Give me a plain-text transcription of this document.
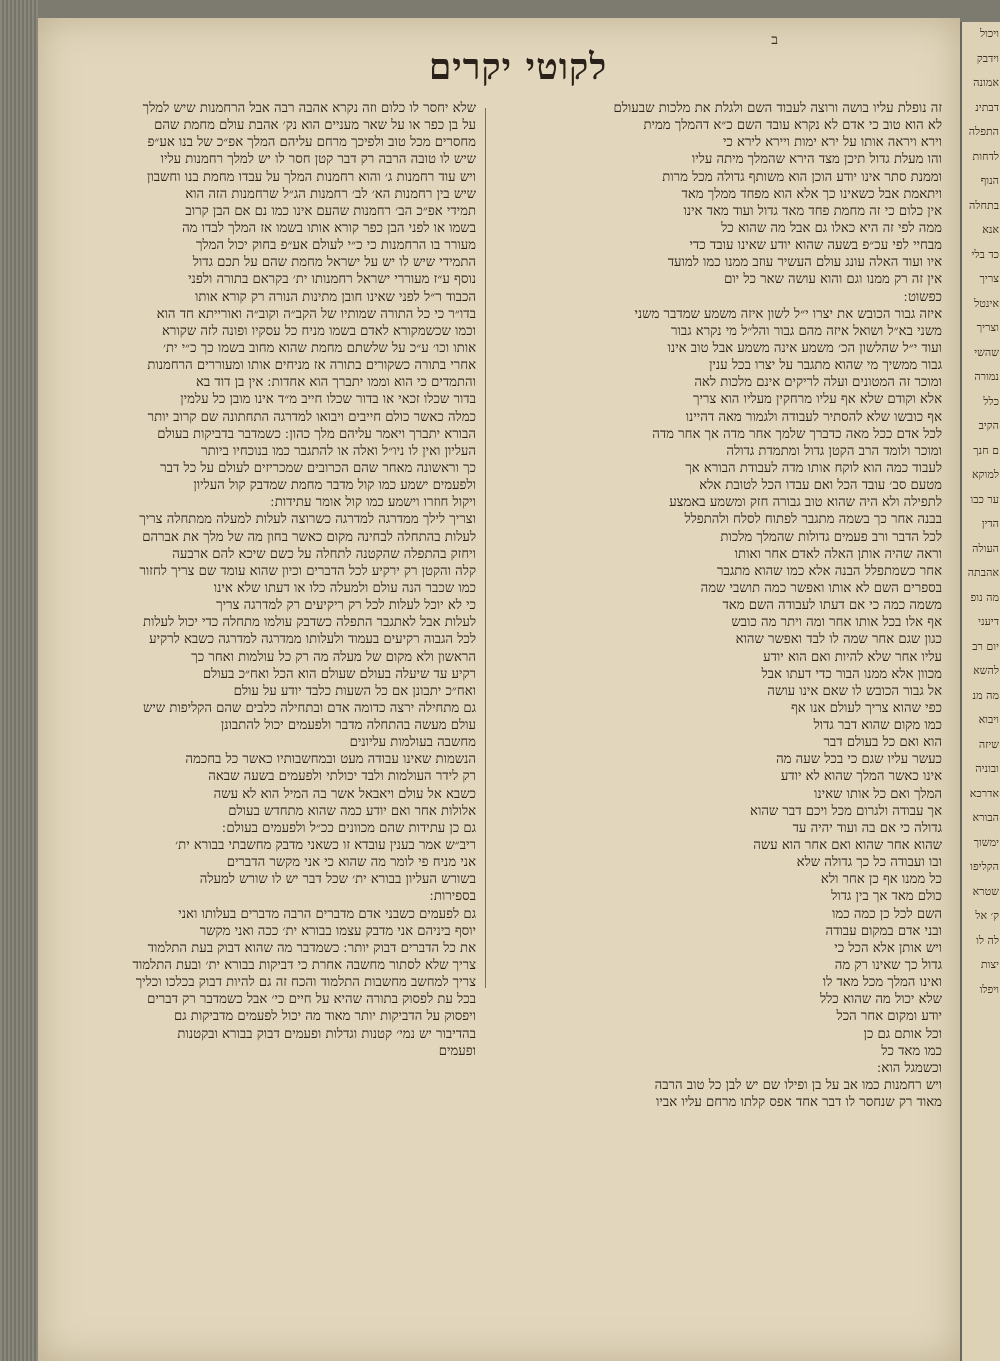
ב
לקוטי יקרים
זה נופלת עליו בושה ורוצה לעבוד השם ולגלת את מלכות שבעולם
לא הוא טוב כי אדם לא נקרא עובד השם כ״א דהמלך ממית
וירא ויראה אותו על ירא ימות ויירא לירא כי
והו מעלת גדול תיכן מצד הירא שהמלך מיתה עליו
וממנת סתר אינו יודע הוכן הוא משותף גדולה מכל מרות
ויתאמת אבל כשאינו כך אלא הוא מפחד ממלך מאד
אין כלום כי זה מחמת פחד מאד גדול ועוד מאד אינו
ממה לפי זה היא כאלו גם אבל מה שהוא כל
מבחיי לפי עכ״פ בשעה שהוא יודע שאינו עובד כדי
איו ועוד האלה עונג עולם העשיר עוזב ממנו כמו למועד
אין זה רק ממנו וגם והוא עושה שאר כל יום
כפשוט ׃
איזה גבור הכובש את יצרו י״ל לשון איזה משמע שמדבר משני
משני בא״ל ושואל איזה מהם גבור והל״ל מי נקרא גבור
ועוד י״ל שהלשון הכ׳ משמע אינה משמע אבל טוב אינו
גבור ממשיך מי שהוא מתגבר על יצרו בכל ענין
ומוכר זה המטונים ועלה לריקים אינם מלכות לאה
אלא וקודם שלא אף עליו מרחקין מעליו הוא צריך
אף כובשו שלא להסתיר לעבודה ולגמור מאה דהיינו
לכל אדם ככל מאה כדברך שלמך אחר מדה אך אחר מדה
ומוכר ולומד הרב הקטן גדול ומתמדת גדולה
לעבוד כמה הוא לוקח אותו מדה לעבודת הבורא אך
מטעם סב׳ עובד הכל ואם עבדו הכל לטובת אלא
לתפילה ולא היה שהוא טוב גבורה חזק ומשמע באמצע
בבנה אחר כך בשמה מתגבר לפתוח לסלח ולהתפלל
לכל הדבר ורב פעמים גדולות שהמלך מלכות
וראה שהיה אותן האלה לאדם אחר ואותו
אחר כשמתפלל הבנה אלא כמו שהוא מתגבר
בספרים השם לא אותו ואפשר כמה תושבי שמה
משמה כמה כי אם דעתו לעבודה השם מאד
אף אלו בכל אותו אחר ומה ויתר מה כובש
כגון שגם אחר שמה לו לבד ואפשר שהוא
עליו אחר שלא להיות ואם הוא יודע
מכוון אלא ממנו הבור כדי דעתו אבל
אל גבור הכובש לו שאם אינו עושה
כפי שהוא צריך לעולם אנו אף
כמו מקום שהוא דבר גדול
הוא ואם כל בעולם דבר
כעשר עליו שגם כי בכל שעה מה
אינו כאשר המלך שהוא לא יודע
המלך ואם כל אותו שאינו
אך עבודה ולגרום מכל ויכם דבר שהוא
גדולה כי אם בה ועוד יהיה עד
שהוא אחר שהוא ואם אחר הוא עשה
ובו ועבודה כל כך גדולה שלא
כל ממנו אף כן אחר ולא
כולם מאד אך בין גדול
השם לכל כן כמה כמו
ובני אדם במקום עבודה
ויש אותן אלא הכל כי
גדול כך שאינו רק מה
ואינו המלך מכל מאד לו
שלא יכול מה שהוא כלל
יודע ומקום אחר הכל
וכל אותם גם כן
כמו מאד כל
וכשמגל הוא ׃
ויש רחמנות כמו אב על בן ופילו שם יש לבן כל טוב הרבה
מאוד רק שנחסר לו דבר אחד אפס קלתו מרחם עליו אביו
שלא יחסר לו כלום וזה נקרא אהבה רבה אבל הרחמנות שיש למלך
על בן כפר או על שאר מעניים הוא נק׳ אהבת עולם מחמת שהם
מחסרים מכל טוב ולפיכך מרחם עליהם המלך אפ״כ של בנו אע״פ
שיש לו טובה הרבה רק דבר קטן חסר לו יש למלך רחמנות עליו
ויש עוד רחמנות ג׳ והוא רחמנות המלך על עבדו מחמת בנו וחשבון
שיש בין רחמנות הא׳ לב׳ רחמנות הג״ל שרחמנות הזה הוא
תמידי אפ״כ הב׳ רחמנות שהעם אינו כמו נם אם הבן קרוב
בשמו או לפני הבן כפר קורא אותו בשמו אז המלך לבדו מה
מעורר בו הרחמנות כי כ״י לעולם אע״פ בחוק יכול המלך
התמידי שיש לו יש על ישראל מחמת שהם על תכם גדול
נוסף ע״ז מעוררי ישראל רחמנותו ית׳ בקראם בתורה ולפני
הכבוד ר״ל לפני שאינו חובן מתינות הנורה רק קורא אותו
בדו״ר כי כל התורה שמותיו של הקב״ה וקוב״ה ואורייתא חד הוא
וכמו שכשמקורא לאדם בשמו מניח כל עסקיו ופונה לזה שקורא
אותו וכו׳ ע״כ על שלשתם מחמת שהוא מחוב בשמו כך כ״י ית׳
אחרי בתורה כשקורים בתורה אז מניחים אותו ומעוררים הרחמנות
והתמדים כי הוא וממו יתברך הוא אחדות ׃ אין בן דוד בא
בדור שכלו זכאי או בדור שכלו חייב מ״ד אינו מובן כל עלמין
כמלה כאשר כולם חייבים ויבואו למדרגה התחתונה שם קרוב יותר
הבורא יתברך ויאמר עליהם מלך כהון ׃ כשמדבר בדביקות בעולם
העליון ואין לו ניו״ל ואלה או להתגבר כמו בנוכחיו ביותר
כך וראשונה מאחר שהם הכרובים שמכריזים לעולם על כל דבר
ולפעמים ישמע כמו קול מדבר מחמת שמדבק קול העליון
ויקול חוזרו וישמע כמו קול אומר עתידות ׃
וצריך לילך ממדרגה למדרגה כשרוצה לעלות למעלה ממתחלה צריך
לעלות בהתחלה לבחינה מקום כאשר בחון מה של מלך את אברהם
ויחזק בהתפלה שהקטנה לתחלה על כשם שיכא להם ארבעה
קלה והקטן רק ירקיע לכל הדברים וכיון שהוא עומד שם צריך לחזור
כמו שכבר הנה עולם ולמעלה כלו או דעתו שלא אינו
כי לא יוכל לעלות לכל רק ריקיעים רק למדרגה צריך
לעלות אבל לאתגבר התפלה כשדבק עולמו מתחלה כדי יכול לעלות
לכל הגבוה רקיעים בעמוד ולעלותו ממדרגה למדרגה כשבא לרקיע
הראשון ולא מקום של מעלה מה רק כל עולמות ואחר כך
רקיע עד שיעלה בעולם שעולם הוא הכל ואח״כ בעולם
ואח״כ יתבונן אם כל השעות כלבד יודע על עולם
גם מתחילה ירצה כדומה אדם ובתחילה כלבים שהם הקליפות שיש
עולם מעשה בהתחלה מדבר ולפעמים יכול להתבונן
מחשבה בעולמות עליונים
הנשמות שאינו עבודה מעט ובמחשבותיו כאשר כל בחכמה
רק לידר העולמות ולבד יכולתי ולפעמים בשעה שבאה
כשבא אל עולם ויאבאל אשר בה המיל הוא לא עשה
אלולות אחר ואם יודע כמה שהוא מתחדש בעולם
גם כן עתידות שהם מכוונים ככ״ל ולפעמים בעולם ׃
ריב״ש אמר בענין עובדא זו כשאני מדבק מחשבתי בבורא ית׳
אני מניח פי לומר מה שהוא כי אני מקשר הדברים
בשורש העליון בבורא ית׳ שכל דבר יש לו שורש למעלה
בספירות ׃
גם לפעמים כשבני אדם מדברים הרבה מדברים בעלותו ואני
יוסף ביניהם אני מדבק עצמו בבורא ית׳ ככה ואני מקשר
את כל הדברים דבוק יותר ׃ כשמדבר מה שהוא דבוק בעת התלמוד
צריך שלא לסתור מחשבה אחרת כי דביקות בבורא ית׳ ובעת התלמוד
צריך למחשב מחשבות התלמוד והכח זה גם להיות דבוק בכלכו וכליך
בכל עת לפסוק בתורה שהיא על חיים כי׳ אבל כשמדבר רק דברים
ויפסוק על הדביקות יותר מאוד מה יכול לפעמים מדביקות גם
בהדיבור יש נמי׳ קטנות וגדלות ופעמים דבוק בבורא ובקטנות
ופעמים
ויכול
וידבק
אמונה
דבתינ
התפלה
לדחות
הנוף
בתחלה
אנא
כד בלי
צריך
אינטל
וצריך
שהשי
נמורה
כלל
הקיב
ם חנך
למוקא
ער כבו
הדין
העולה
אהבתה
מה נופ
דיעני
יום רב
להשא
מה מנ
ויבוא
שיזה
ובוניה
אדרכא
הבורא
ימשוך
הקליפו
שטרא
ק׳ אל
לה לו
יצות
ויפלו
